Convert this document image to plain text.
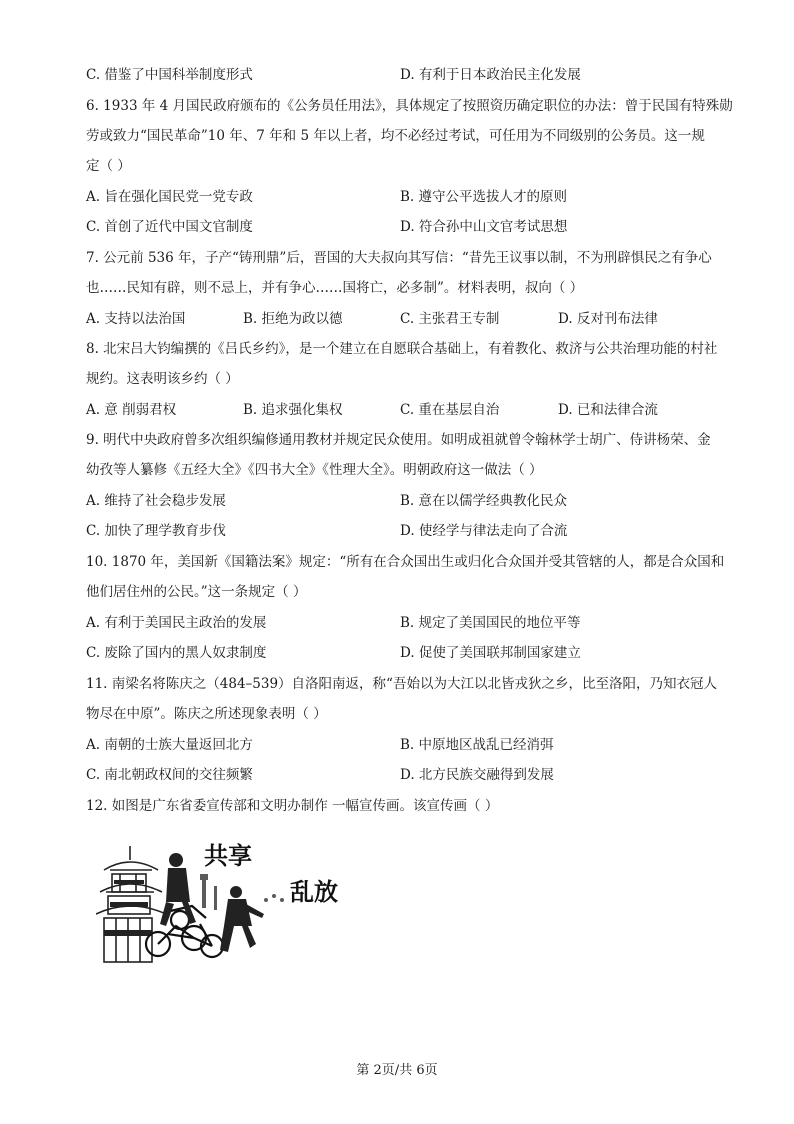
C. 借鉴了中国科举制度形式	D. 有利于日本政治民主化发展
6. 1933 年 4 月国民政府颁布的《公务员任用法》，具体规定了按照资历确定职位的办法：曾于民国有特殊勋
劳或致力“国民革命”10 年、7 年和 5 年以上者，均不必经过考试，可任用为不同级别的公务员。这一规
定（ ）
A. 旨在强化国民党一党专政	B. 遵守公平选拔人才的原则
C. 首创了近代中国文官制度	D. 符合孙中山文官考试思想
7. 公元前 536 年，子产“铸刑鼎”后，晋国的大夫叔向其写信：“昔先王议事以制，不为刑辟惧民之有争心
也……民知有辟，则不忌上，并有争心……国将亡，必多制”。材料表明，叔向（ ）
A. 支持以法治国	B. 拒绝为政以德	C. 主张君王专制	D. 反对刊布法律
8. 北宋吕大钧编撰的《吕氏乡约》，是一个建立在自愿联合基础上，有着教化、救济与公共治理功能的村社
规约。这表明该乡约（ ）
A. 意 削弱君权	B. 追求强化集权	C. 重在基层自治	D. 已和法律合流
9. 明代中央政府曾多次组织编修通用教材并规定民众使用。如明成祖就曾令翰林学士胡广、侍讲杨荣、金
幼孜等人纂修《五经大全》《四书大全》《性理大全》。明朝政府这一做法（ ）
A. 维持了社会稳步发展	B. 意在以儒学经典教化民众
C. 加快了理学教育步伐	D. 使经学与律法走向了合流
10. 1870 年，美国新《国籍法案》规定：“所有在合众国出生或归化合众国并受其管辖的人，都是合众国和
他们居住州的公民。”这一条规定（ ）
A. 有利于美国民主政治的发展	B. 规定了美国国民的地位平等
C. 废除了国内的黑人奴隶制度	D. 促使了美国联邦制国家建立
11. 南梁名将陈庆之（484–539）自洛阳南返，称“吾始以为大江以北皆戎狄之乡，比至洛阳，乃知衣冠人
物尽在中原”。陈庆之所述现象表明（ ）
A. 南朝的士族大量返回北方	B. 中原地区战乱已经消弭
C. 南北朝政权间的交往频繁	D. 北方民族交融得到发展
12. 如图是广东省委宣传部和文明办制作 一幅宣传画。该宣传画（ ）
共享
乱放
第 2页/共 6页
